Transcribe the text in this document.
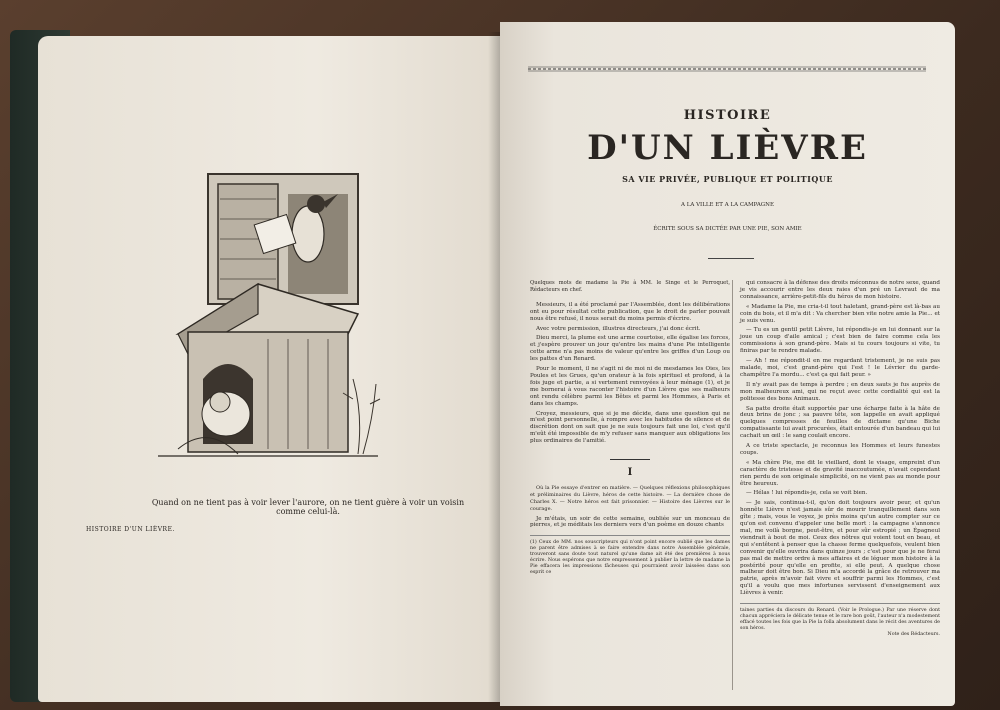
Quand on ne tient pas à voir lever l'aurore, on ne tient guère à voir un voisin comme celui-là.
HISTOIRE D'UN LIÈVRE.
HISTOIRE
D'UN LIÈVRE
SA VIE PRIVÉE, PUBLIQUE ET POLITIQUE
A LA VILLE ET A LA CAMPAGNE
ÉCRITE SOUS SA DICTÉE PAR UNE PIE, SON AMIE

Quelques mots de madame la Pie à MM. le Singe et le Perroquet, Rédacteurs en chef.

Messieurs, il a été proclamé par l'Assemblée, dont les délibérations ont eu pour résultat cette publication, que le droit de parler pouvait nous être refusé, il nous serait du moins permis d'écrire.

Avec votre permission, illustres directeurs, j'ai donc écrit.

Dieu merci, la plume est une arme courtoise, elle égalise les forces, et j'espère prouver un jour qu'entre les mains d'une Pie intelligente cette arme n'a pas moins de valeur qu'entre les griffes d'un Loup ou les pattes d'un Renard.

Pour le moment, il ne s'agit ni de moi ni de mesdames les Oies, les Poules et les Grues, qu'un orateur à la fois spirituel et profond, à la fois juge et partie, a si vertement renvoyées à leur ménage (1), et je me bornerai à vous raconter l'histoire d'un Lièvre que ses malheurs ont rendu célèbre parmi les Bêtes et parmi les Hommes, à Paris et dans les champs.

Croyez, messieurs, que si je me décide, dans une question qui ne m'est point personnelle, à rompre avec les habitudes de silence et de discrétion dont on sait que je ne suis toujours fait une loi, c'est qu'il m'eût été impossible de m'y refuser sans manquer aux obligations les plus ordinaires de l'amitié.

I

Où la Pie essaye d'entrer en matière. — Quelques réflexions philosophiques et préliminaires du Lièvre, héros de cette histoire. — La dernière chose de Charles X. — Notre héros est fait prisonnier. — Histoire des Lièvres sur le courage.

Je m'étais, un soir de cette semaine, oubliée sur un monceau de pierres, et je méditais les derniers vers d'un poème en douze chants

(1) Ceux de MM. nos souscripteurs qui n'ont point encore oublié que les dames ne parent être admises à se faire entendre dans notre Assemblée générale, trouveront sans doute tout naturel qu'une dame ait été des premières à nous écrire. Nous espérons que notre empressement à publier la lettre de madame la Pie effacera les impressions fâcheuses qui pourraient avoir laissées dans son esprit ce

qui consacre à la défense des droits méconnus de notre sexe, quand je vis accourir entre les deux raies d'un pré un Levraut de ma connaissance, arrière-petit-fils du héros de mon histoire.

« Madame la Pie, me cria-t-il tout haletant, grand-père est là-bas au coin du bois, et il m'a dit : Va chercher bien vite notre amie la Pie... et je suis venu.

— Tu es un gentil petit Lièvre, lui répondis-je en lui donnant sur la joue un coup d'aile amical ; c'est bien de faire comme cela les commissions à son grand-père. Mais si tu cours toujours si vite, tu finiras par te rendre malade.

— Ah ! me répondit-il en me regardant tristement, je ne suis pas malade, moi, c'est grand-père qui l'est ! le Lévrier du garde-champêtre l'a mordu... c'est ça qui fait peur. »

Il n'y avait pas de temps à perdre ; en deux sauts je fus auprès de mon malheureux ami, qui ne reçut avec cette cordialité qui est la politesse des bons Animaux.

Sa patte droite était supportée par une écharpe faite à la hâte de deux brins de jonc ; sa pauvre tête, son lappelle en avait appliqué quelques compresses de feuilles de dictame qu'une Biche compatissante lui avait procurées, était entourée d'un bandeau qui lui cachait un œil : le sang coulait encore.

A ce triste spectacle, je reconnus les Hommes et leurs funestes coups.

« Ma chère Pie, me dit le vieillard, dont le visage, empreint d'un caractère de tristesse et de gravité inaccoutumée, n'avait cependant rien perdu de son originale simplicité, on ne vient pas au monde pour être heureux.

— Hélas ! lui répondis-je, cela se voit bien.

— Je sais, continua-t-il, qu'on doit toujours avoir peur, et qu'un honnête Lièvre n'est jamais sûr de mourir tranquillement dans son gîte ; mais, vous le voyez, je près moins qu'un autre compter sur ce qu'on est convenu d'appeler une belle mort : la campagne s'annonce mal, me voilà borgne, peut-être, et pour sûr estropié ; un Épagneul viendrait à bout de moi. Ceux des nôtres qui voient tout en beau, et qui s'entêtent à penser que la chasse ferme quelquefois, veulent bien convenir qu'elle ouvrira dans quinze jours ; c'est pour que je ne ferai pas mal de mettre ordre à mes affaires et de léguer mon histoire à la postérité pour qu'elle en profite, si elle peut. A quelque chose malheur doit être bon. Si Dieu m'a accordé la grâce de retrouver ma patrie, après m'avoir fait vivre et souffrir parmi les Hommes, c'est qu'il a voulu que mes infortunes servissent d'enseignement aux Lièvres à venir.

taines parties du discours du Renard. (Voir le Prologue.) Par une réserve dont chacun appréciera le délicate tenue et le rare bon goût, l'auteur n'a modestement effacé toutes les fois que la Pie la folla absolument dans le récit des aventures de son héros.
Note des Rédacteurs.
